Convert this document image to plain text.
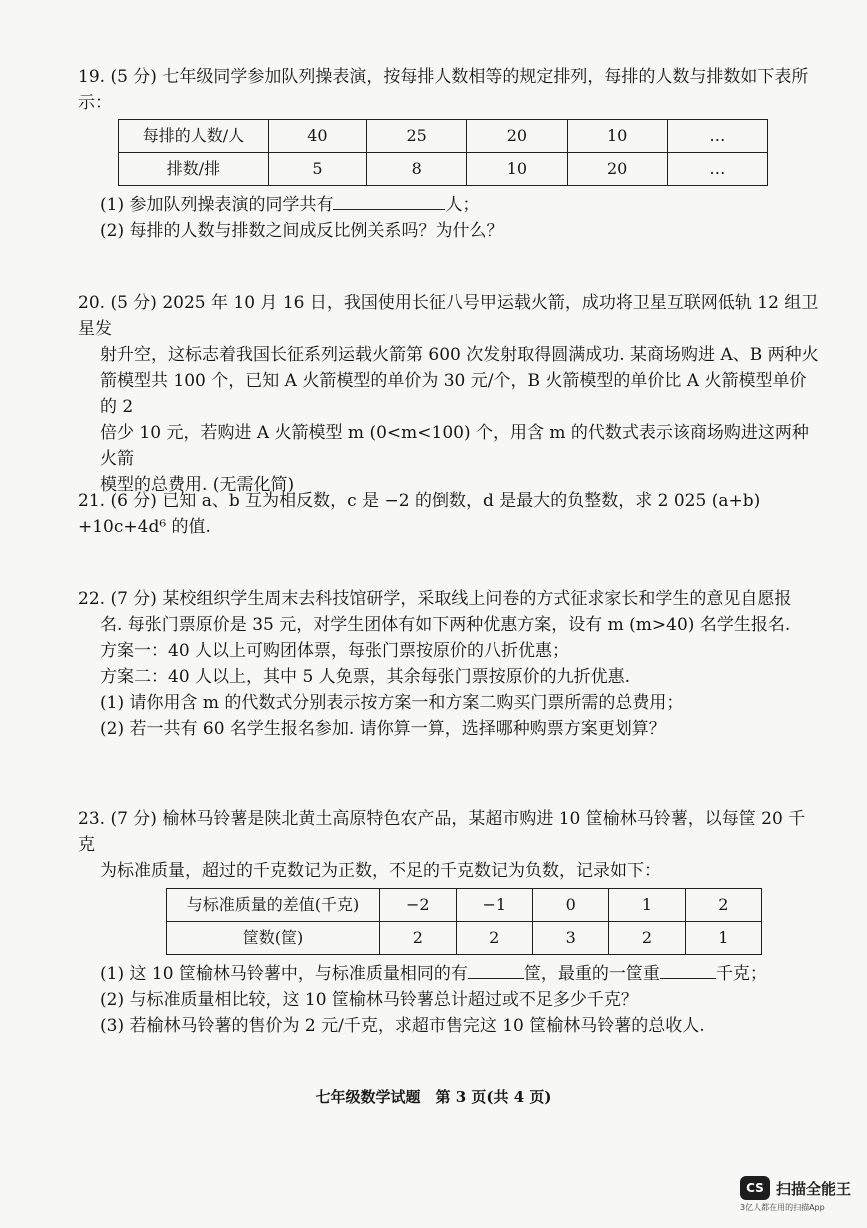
19. (5 分) 七年级同学参加队列操表演，按每排人数相等的规定排列，每排的人数与排数如下表所示：

每排的人数/人	40	25	20	10	…
排数/排	5	8	10	20	…

(1) 参加队列操表演的同学共有	人；

(2) 每排的人数与排数之间成反比例关系吗？为什么？

20. (5 分) 2025 年 10 月 16 日，我国使用长征八号甲运载火箭，成功将卫星互联网低轨 12 组卫星发

射升空，这标志着我国长征系列运载火箭第 600 次发射取得圆满成功. 某商场购进 A、B 两种火

箭模型共 100 个，已知 A 火箭模型的单价为 30 元/个，B 火箭模型的单价比 A 火箭模型单价的 2

倍少 10 元，若购进 A 火箭模型 m (0<m<100) 个，用含 m 的代数式表示该商场购进这两种火箭

模型的总费用. (无需化简)

21. (6 分) 已知 a、b 互为相反数，c 是 −2 的倒数，d 是最大的负整数，求 2 025 (a+b) +10c+4d⁶ 的值.

22. (7 分) 某校组织学生周末去科技馆研学，采取线上问卷的方式征求家长和学生的意见自愿报

名. 每张门票原价是 35 元，对学生团体有如下两种优惠方案，设有 m (m>40) 名学生报名.

方案一：40 人以上可购团体票，每张门票按原价的八折优惠；

方案二：40 人以上，其中 5 人免票，其余每张门票按原价的九折优惠.

(1) 请你用含 m 的代数式分别表示按方案一和方案二购买门票所需的总费用；

(2) 若一共有 60 名学生报名参加. 请你算一算，选择哪种购票方案更划算？

23. (7 分) 榆林马铃薯是陕北黄土高原特色农产品，某超市购进 10 筐榆林马铃薯，以每筐 20 千克

为标准质量，超过的千克数记为正数，不足的千克数记为负数，记录如下：

与标准质量的差值(千克)	−2	−1	0	1	2
筐数(筐)	2	2	3	2	1

(1) 这 10 筐榆林马铃薯中，与标准质量相同的有	筐，最重的一筐重	千克；

(2) 与标准质量相比较，这 10 筐榆林马铃薯总计超过或不足多少千克？

(3) 若榆林马铃薯的售价为 2 元/千克，求超市售完这 10 筐榆林马铃薯的总收人.

七年级数学试题　第 3 页(共 4 页)
CS 扫描全能王
3亿人都在用的扫描App
